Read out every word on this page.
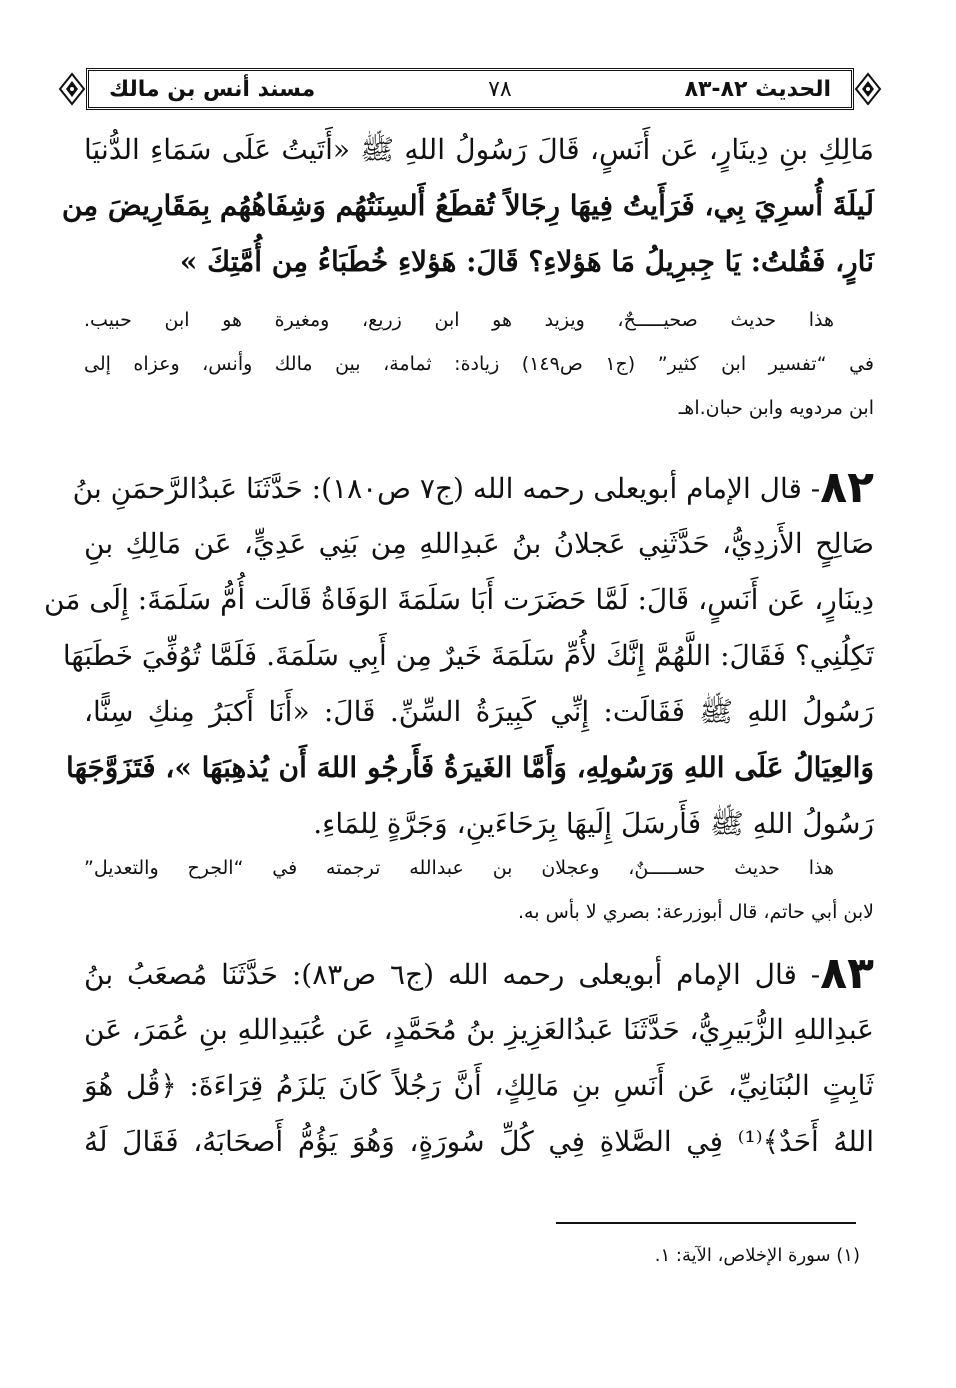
الحديث ٨٢-٨٣
٧٨
مسند أنس بن مالك
مَالِكِ بنِ دِينَارٍ، عَن أَنَسٍ، قَالَ رَسُولُ اللهِ ﷺ «أَتَيتُ عَلَى سَمَاءِ الدُّنيَا
لَيلَةَ أُسرِيَ بِي، فَرَأَيتُ فِيهَا رِجَالاً تُقطَعُ أَلسِنَتُهُم وَشِفَاهُهُم بِمَقَارِيضَ مِن
نَارٍ، فَقُلتُ: يَا جِبرِيلُ مَا هَؤلاءِ؟ قَالَ: هَؤلاءِ خُطَبَاءُ مِن أُمَّتِكَ »
هذا حديث صحيـــــحٌ، ويزيد هو ابن زريع، ومغيرة هو ابن حبيب.
في “تفسير ابن كثير” (ج١ ص١٤٩) زيادة: ثمامة، بين مالك وأنس، وعزاه إلى
ابن مردويه وابن حبان.اهـ
٨٢- قال الإمام أبويعلى رحمه الله (ج٧ ص١٨٠): حَدَّثَنَا عَبدُالرَّحمَنِ بنُ
صَالِحٍ الأَزدِيُّ، حَدَّثَنِي عَجلانُ بنُ عَبدِاللهِ مِن بَنِي عَدِيٍّ، عَن مَالِكِ بنِ
دِينَارٍ، عَن أَنَسٍ، قَالَ: لَمَّا حَضَرَت أَبَا سَلَمَةَ الوَفَاةُ قَالَت أُمُّ سَلَمَةَ: إِلَى مَن
تَكِلُنِي؟ فَقَالَ: اللَّهُمَّ إِنَّكَ لأُمِّ سَلَمَةَ خَيرٌ مِن أَبِي سَلَمَةَ. فَلَمَّا تُوُفِّيَ خَطَبَهَا
رَسُولُ اللهِ ﷺ فَقَالَت: إِنِّي كَبِيرَةُ السِّنِّ. قَالَ: «أَنَا أَكبَرُ مِنكِ سِنًّا،
وَالعِيَالُ عَلَى اللهِ وَرَسُولِهِ، وَأَمَّا الغَيرَةُ فَأَرجُو اللهَ أَن يُذهِبَهَا »، فَتَزَوَّجَهَا
رَسُولُ اللهِ ﷺ فَأَرسَلَ إِلَيهَا بِرَحَاءَينِ، وَجَرَّةٍ لِلمَاءِ.
هذا حديث حســـــنٌ، وعجلان بن عبدالله ترجمته في “الجرح والتعديل”
لابن أبي حاتم، قال أبوزرعة: بصري لا بأس به.
٨٣- قال الإمام أبويعلى رحمه الله (ج٦ ص٨٣): حَدَّثَنَا مُصعَبُ بنُ
عَبدِاللهِ الزُّبَيرِيُّ، حَدَّثَنَا عَبدُالعَزِيزِ بنُ مُحَمَّدٍ، عَن عُبَيدِاللهِ بنِ عُمَرَ، عَن
ثَابِتٍ البُنَانِيِّ، عَن أَنَسِ بنِ مَالِكٍ، أَنَّ رَجُلاً كَانَ يَلزَمُ قِرَاءَةَ: ﴿قُل هُوَ
اللهُ أَحَدٌ﴾⁽¹⁾ فِي الصَّلاةِ فِي كُلِّ سُورَةٍ، وَهُوَ يَؤُمُّ أَصحَابَهُ، فَقَالَ لَهُ
(١) سورة الإخلاص، الآية: ١.
